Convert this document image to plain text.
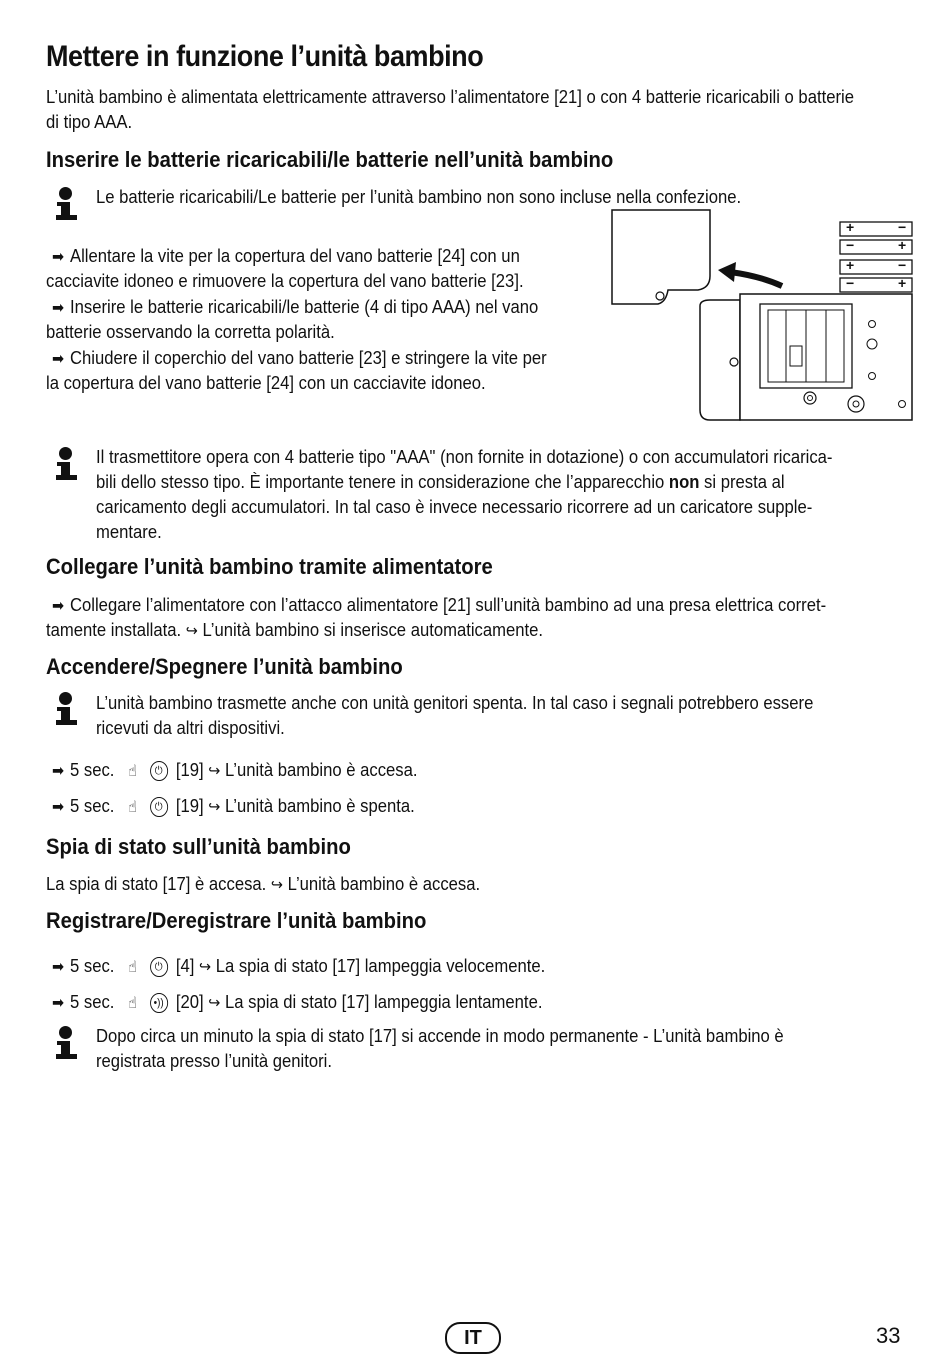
Mettere in funzione l’unità bambino
L’unità bambino è alimentata elettricamente attraverso l’alimentatore [21] o con 4 batterie ricaricabili o batterie
di tipo AAA.
Inserire le batterie ricaricabili/le batterie nell’unità bambino
Le batterie ricaricabili/Le batterie per l’unità bambino non sono incluse nella confezione.
➡ Allentare la vite per la copertura del vano batterie [24] con un
cacciavite idoneo e rimuovere la copertura del vano batterie [23].
➡ Inserire le batterie ricaricabili/le batterie (4 di tipo AAA) nel vano
batterie osservando la corretta polarità.
➡ Chiudere il coperchio del vano batterie [23] e stringere la vite per
la copertura del vano batterie [24] con un cacciavite idoneo.
+	−
−	+
+	−
−	+
Il trasmettitore opera con 4 batterie tipo "AAA" (non fornite in dotazione) o con accumulatori ricarica-
bili dello stesso tipo. È importante tenere in considerazione che l’apparecchio non si presta al
caricamento degli accumulatori. In tal caso è invece necessario ricorrere ad un caricatore supple-
mentare.
Collegare l’unità bambino tramite alimentatore
➡ Collegare l’alimentatore con l’attacco alimentatore [21] sull’unità bambino ad una presa elettrica corret-
tamente installata. ↪ L’unità bambino si inserisce automaticamente.
Accendere/Spegnere l’unità bambino
L’unità bambino trasmette anche con unità genitori spenta. In tal caso i segnali potrebbero essere
ricevuti da altri dispositivi.
➡ 5 sec. ☝ ⏻ [19] ↪ L’unità bambino è accesa.
➡ 5 sec. ☝ ⏻ [19] ↪ L’unità bambino è spenta.
Spia di stato sull’unità bambino
La spia di stato [17] è accesa. ↪ L’unità bambino è accesa.
Registrare/Deregistrare l’unità bambino
➡ 5 sec. ☝ ⏻ [4] ↪ La spia di stato [17] lampeggia velocemente.
➡ 5 sec. ☝ •)) [20] ↪ La spia di stato [17] lampeggia lentamente.
Dopo circa un minuto la spia di stato [17] si accende in modo permanente - L’unità bambino è
registrata presso l’unità genitori.
IT	33
